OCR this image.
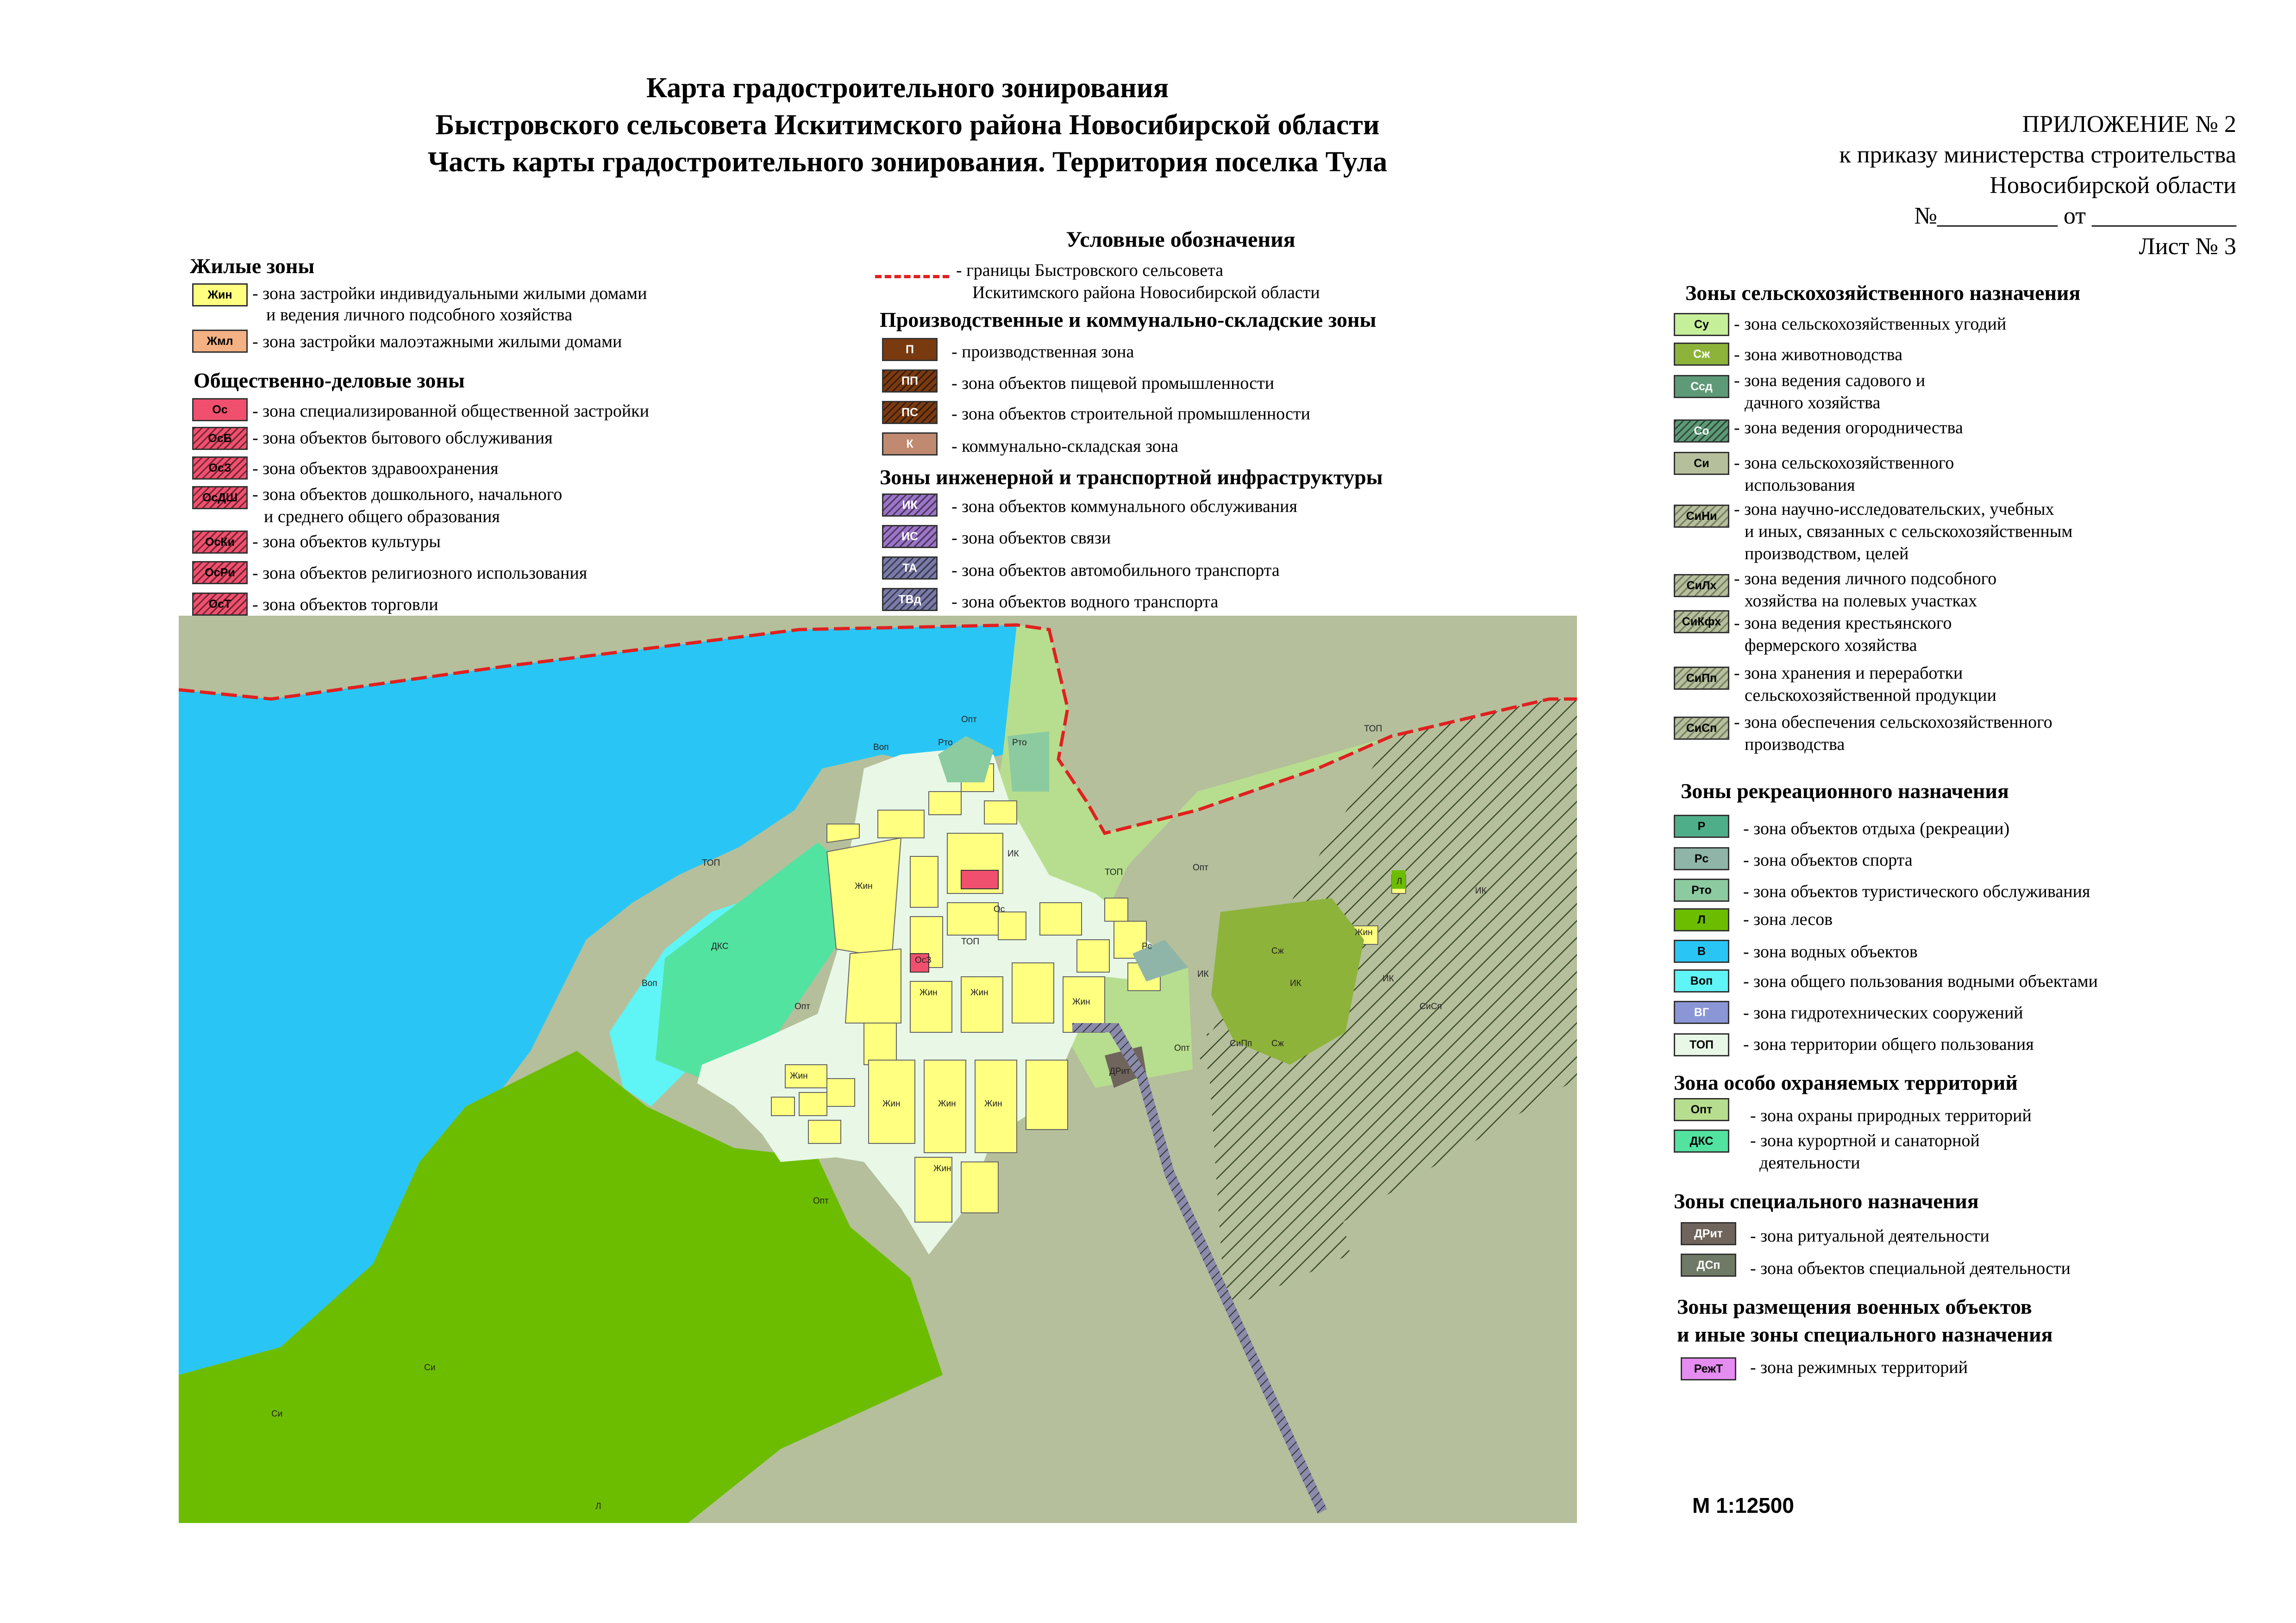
Карта градостроительного зонирования
Быстровского сельсовета Искитимского района Новосибирской области
Часть карты градостроительного зонирования. Территория поселка Тула
ПРИЛОЖЕНИЕ № 2
к приказу министерства строительства
Новосибирской области
№__________ от ____________
Лист № 3
Условные обозначения
- границы Быстровского сельсовета
Искитимского района Новосибирской области
Жилые зоны
Жин - зона застройки индивидуальными жилыми домами
и ведения личного подсобного хозяйства
Жмл - зона застройки малоэтажными жилыми домами
Общественно-деловые зоны
Ос - зона специализированной общественной застройки
ОсБ - зона объектов бытового обслуживания
ОсЗ - зона объектов здравоохранения
ОсДШ - зона объектов дошкольного, начального
и среднего общего образования
ОсКи - зона объектов культуры
ОсРи - зона объектов религиозного использования
ОсТ - зона объектов торговли
Производственные и коммунально-складские зоны
П - производственная зона
ПП - зона объектов пищевой промышленности
ПС - зона объектов строительной промышленности
К - коммунально-складская зона
Зоны инженерной и транспортной инфраструктуры
ИК - зона объектов коммунального обслуживания
ИС - зона объектов связи
ТА - зона объектов автомобильного транспорта
ТВд - зона объектов водного транспорта
Зоны сельскохозяйственного назначения
Су - зона сельскохозяйственных угодий
Сж - зона животноводства
Ссд - зона ведения садового и
дачного хозяйства
Со - зона ведения огородничества
Си - зона сельскохозяйственного
использования
СиНи - зона научно-исследовательских, учебных
и иных, связанных с сельскохозяйственным
производством, целей
СиЛх - зона ведения личного подсобного
хозяйства на полевых участках
СиКфх - зона ведения крестьянского
фермерского хозяйства
СиПп - зона хранения и переработки
сельскохозяйственной продукции
СиСп - зона обеспечения сельскохозяйственного
производства
Зоны рекреационного назначения
Р - зона объектов отдыха (рекреации)
Рс - зона объектов спорта
Рто - зона объектов туристического обслуживания
Л - зона лесов
В - зона водных объектов
Воп - зона общего пользования водными объектами
ВГ - зона гидротехнических сооружений
ТОП - зона территории общего пользования
Зона особо охраняемых территорий
Опт - зона охраны природных территорий
ДКС - зона курортной и санаторной
деятельности
Зоны специального назначения
ДРит - зона ритуальной деятельности
ДСп - зона объектов специальной деятельности
Зоны размещения военных объектов
и иные зоны специального назначения
РежТ - зона режимных территорий
М 1:12500
Опт
Воп	Рто	Рто
Ос
ОсЗ
Жин
Жин	Жин
Жин
Жин	Жин	Жин
Жин
Жин
Жин
ТОП
ТОП
ТОП
ТОП
ДКС
Воп
Си
Си
Л
Л
Опт
Опт
Опт
Опт
Рс	Сж
Сж
СиПп
СиСп
ДРит
ИК
ИК
ИК	ИК
ИК
